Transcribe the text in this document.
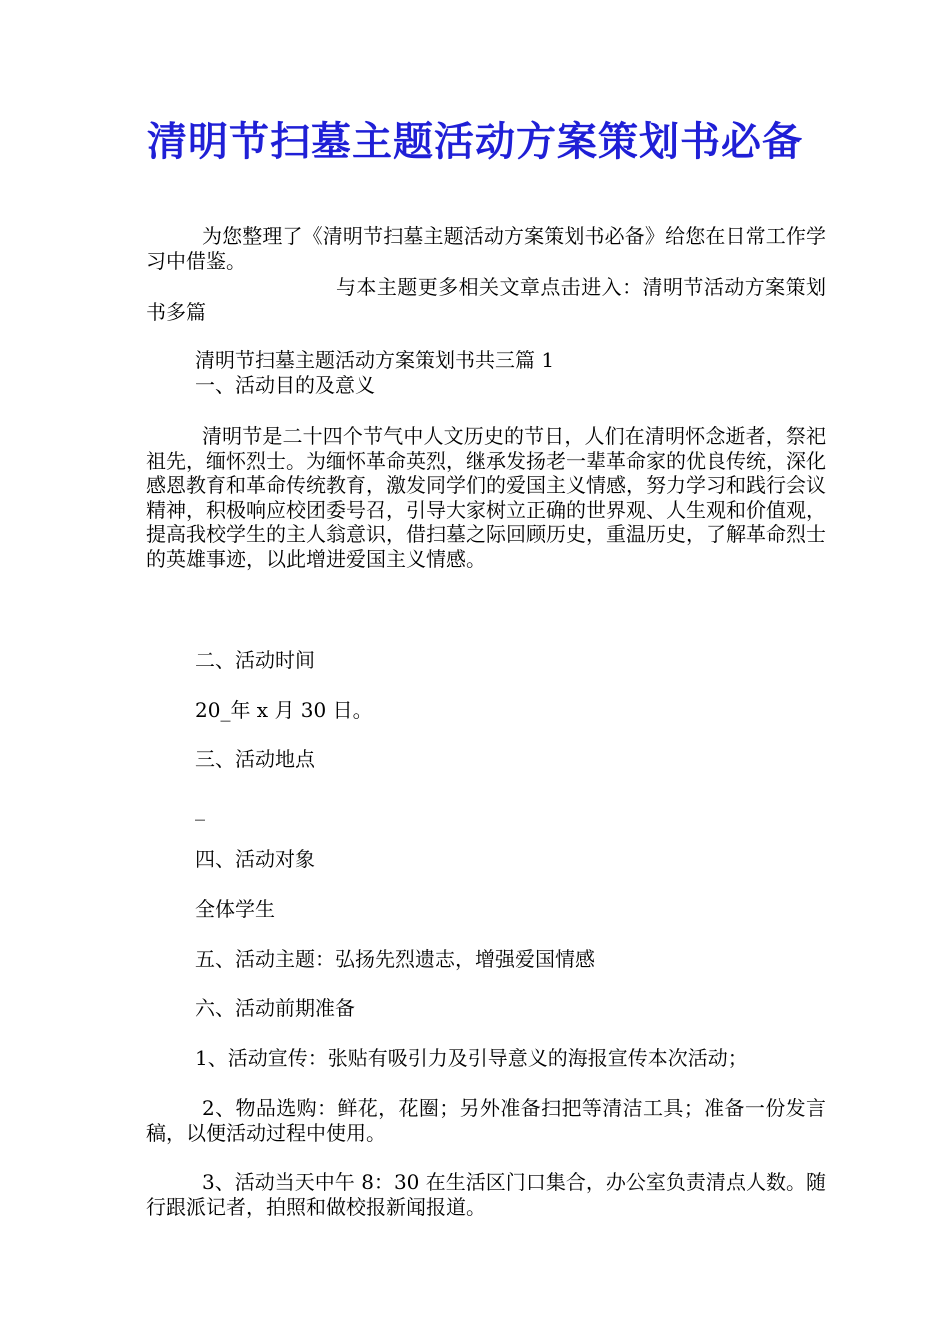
清明节扫墓主题活动方案策划书必备
为您整理了《清明节扫墓主题活动方案策划书必备》给您在日常工作学习中借鉴。
与本主题更多相关文章点击进入：清明节活动方案策划书多篇
清明节扫墓主题活动方案策划书共三篇 1
一、活动目的及意义
清明节是二十四个节气中人文历史的节日，人们在清明怀念逝者，祭祀祖先，缅怀烈士。为缅怀革命英烈，继承发扬老一辈革命家的优良传统，深化感恩教育和革命传统教育，激发同学们的爱国主义情感，努力学习和践行会议精神，积极响应校团委号召，引导大家树立正确的世界观、人生观和价值观，提高我校学生的主人翁意识，借扫墓之际回顾历史，重温历史，了解革命烈士的英雄事迹，以此增进爱国主义情感。
二、活动时间
20_年 x 月 30 日。
三、活动地点
_
四、活动对象
全体学生
五、活动主题：弘扬先烈遗志，增强爱国情感
六、活动前期准备
1、活动宣传：张贴有吸引力及引导意义的海报宣传本次活动；
2、物品选购：鲜花，花圈；另外准备扫把等清洁工具；准备一份发言稿，以便活动过程中使用。
3、活动当天中午 8：30 在生活区门口集合，办公室负责清点人数。随行跟派记者，拍照和做校报新闻报道。
